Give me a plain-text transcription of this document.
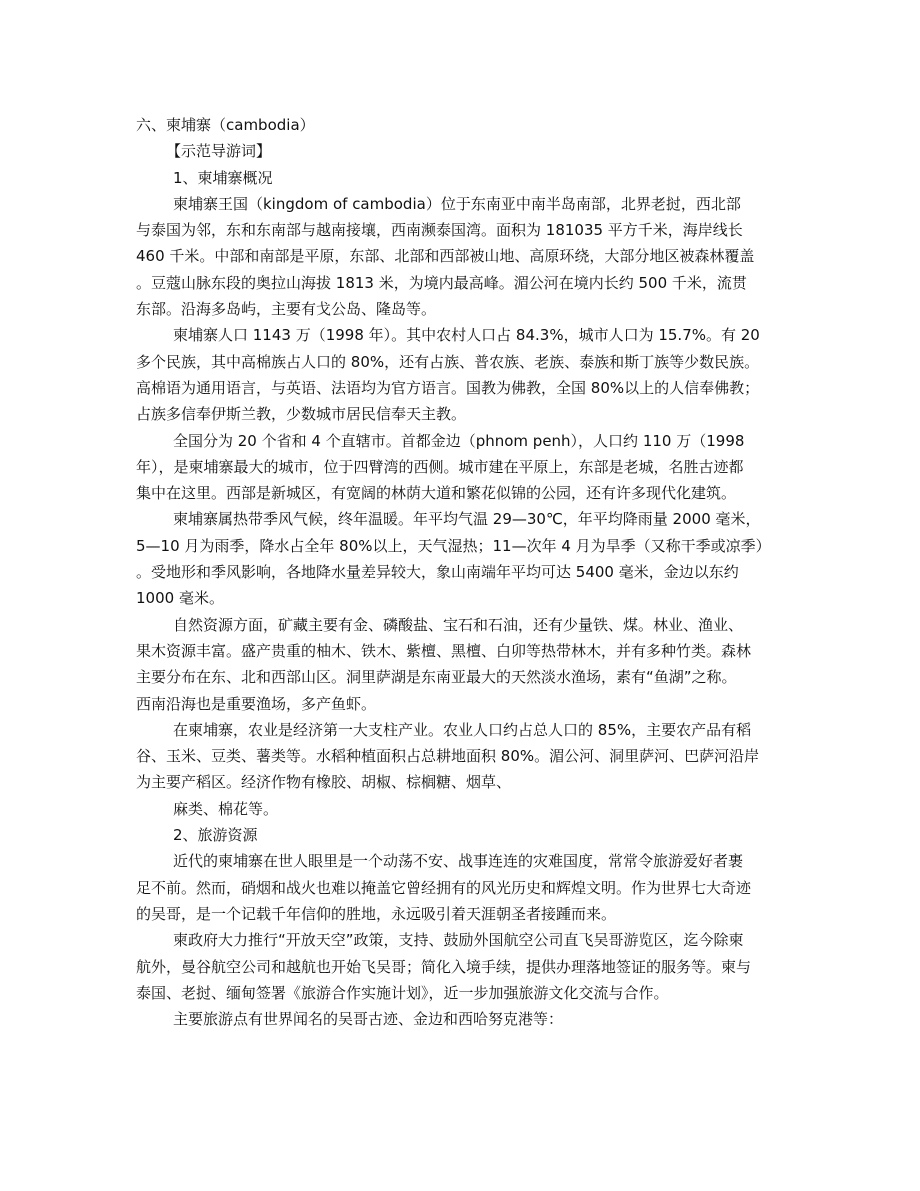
六、柬埔寨（cambodia）
【示范导游词】
1、柬埔寨概况
柬埔寨王国（kingdom of cambodia）位于东南亚中南半岛南部，北界老挝，西北部
与泰国为邻，东和东南部与越南接壤，西南濒泰国湾。面积为 181035 平方千米，海岸线长
460 千米。中部和南部是平原，东部、北部和西部被山地、高原环绕，大部分地区被森林覆盖
。豆蔻山脉东段的奥拉山海拔 1813 米，为境内最高峰。湄公河在境内长约 500 千米，流贯
东部。沿海多岛屿，主要有戈公岛、隆岛等。
柬埔寨人口 1143 万（1998 年）。其中农村人口占 84.3%，城市人口为 15.7%。有 20
多个民族，其中高棉族占人口的 80%，还有占族、普农族、老族、泰族和斯丁族等少数民族。
高棉语为通用语言，与英语、法语均为官方语言。国教为佛教，全国 80%以上的人信奉佛教；
占族多信奉伊斯兰教，少数城市居民信奉天主教。
全国分为 20 个省和 4 个直辖市。首都金边（phnom penh），人口约 110 万（1998
年），是柬埔寨最大的城市，位于四臂湾的西侧。城市建在平原上，东部是老城，名胜古迹都
集中在这里。西部是新城区，有宽阔的林荫大道和繁花似锦的公园，还有许多现代化建筑。
柬埔寨属热带季风气候，终年温暖。年平均气温 29—30℃，年平均降雨量 2000 毫米，
5—10 月为雨季，降水占全年 80%以上，天气湿热；11—次年 4 月为旱季（又称干季或凉季）
。受地形和季风影响，各地降水量差异较大，象山南端年平均可达 5400 毫米，金边以东约
1000 毫米。
自然资源方面，矿藏主要有金、磷酸盐、宝石和石油，还有少量铁、煤。林业、渔业、
果木资源丰富。盛产贵重的柚木、铁木、紫檀、黑檀、白卯等热带林木，并有多种竹类。森林
主要分布在东、北和西部山区。洞里萨湖是东南亚最大的天然淡水渔场，素有“鱼湖”之称。
西南沿海也是重要渔场，多产鱼虾。
在柬埔寨，农业是经济第一大支柱产业。农业人口约占总人口的 85%，主要农产品有稻
谷、玉米、豆类、薯类等。水稻种植面积占总耕地面积 80%。湄公河、洞里萨河、巴萨河沿岸
为主要产稻区。经济作物有橡胶、胡椒、棕榈糖、烟草、
麻类、棉花等。
2、旅游资源
近代的柬埔寨在世人眼里是一个动荡不安、战事连连的灾难国度，常常令旅游爱好者裹
足不前。然而，硝烟和战火也难以掩盖它曾经拥有的风光历史和辉煌文明。作为世界七大奇迹
的吴哥，是一个记载千年信仰的胜地，永远吸引着天涯朝圣者接踵而来。
柬政府大力推行“开放天空”政策，支持、鼓励外国航空公司直飞吴哥游览区，迄今除柬
航外，曼谷航空公司和越航也开始飞吴哥；简化入境手续，提供办理落地签证的服务等。柬与
泰国、老挝、缅甸签署《旅游合作实施计划》，近一步加强旅游文化交流与合作。
主要旅游点有世界闻名的吴哥古迹、金边和西哈努克港等：
